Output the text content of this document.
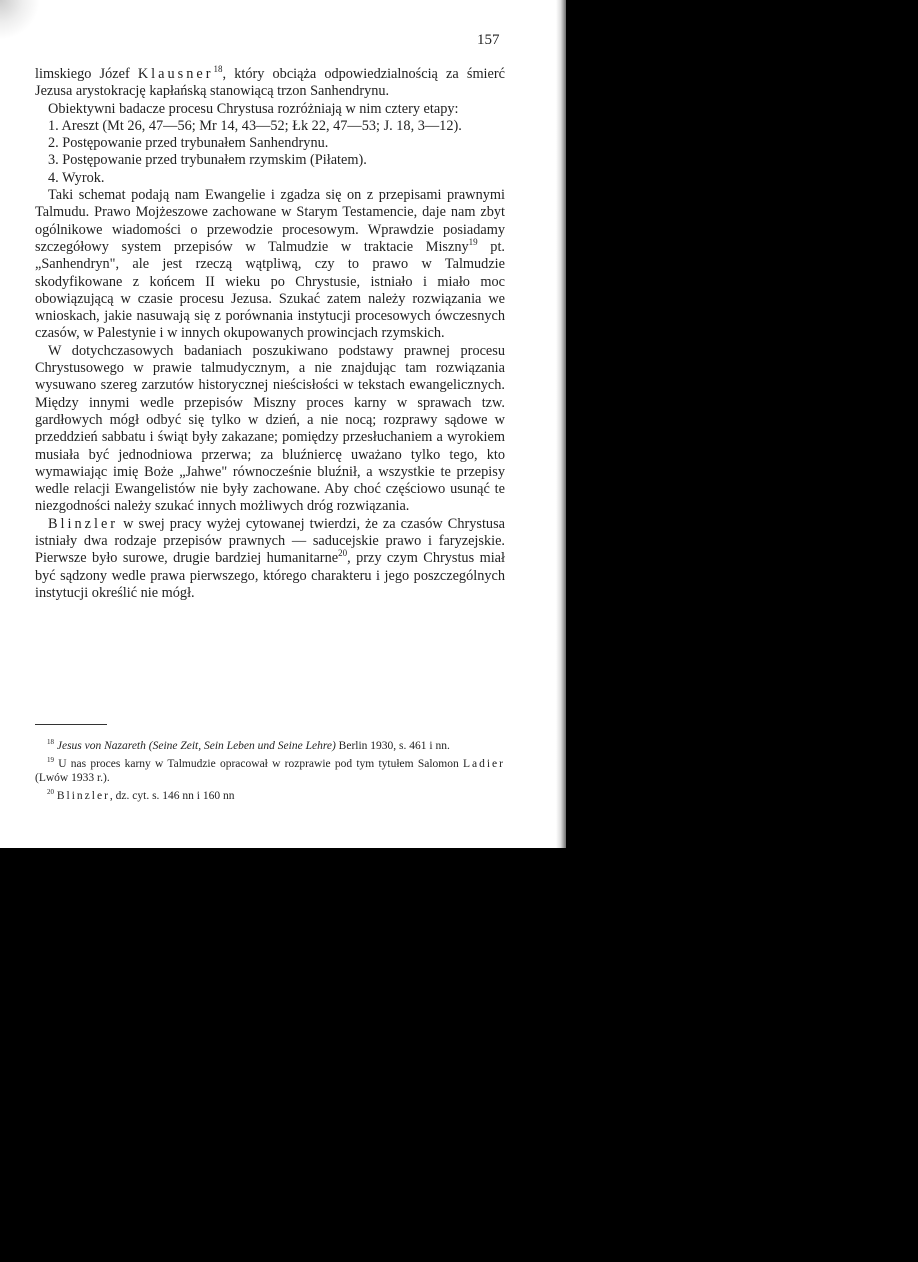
157

limskiego Józef Klausner$^{18}$, który obciąża odpowiedzialnością za śmierć Jezusa arystokrację kapłańską stanowiącą trzon Sanhendrynu.

Obiektywni badacze procesu Chrystusa rozróżniają w nim cztery etapy:

1. Areszt (Mt 26, 47—56; Mr 14, 43—52; Łk 22, 47—53; J. 18, 3—12).
2. Postępowanie przed trybunałem Sanhendrynu.
3. Postępowanie przed trybunałem rzymskim (Piłatem).
4. Wyrok.

Taki schemat podają nam Ewangelie i zgadza się on z przepisami prawnymi Talmudu. Prawo Mojżeszowe zachowane w Starym Testamencie, daje nam zbyt ogólnikowe wiadomości o przewodzie procesowym. Wprawdzie posiadamy szczegółowy system przepisów w Talmudzie w traktacie Miszny$^{19}$ pt. „Sanhendryn", ale jest rzeczą wątpliwą, czy to prawo w Talmudzie skodyfikowane z końcem II wieku po Chrystusie, istniało i miało moc obowiązującą w czasie procesu Jezusa. Szukać zatem należy rozwiązania we wnioskach, jakie nasuwają się z porównania instytucji procesowych ówczesnych czasów, w Palestynie i w innych okupowanych prowincjach rzymskich.

W dotychczasowych badaniach poszukiwano podstawy prawnej procesu Chrystusowego w prawie talmudycznym, a nie znajdując tam rozwiązania wysuwano szereg zarzutów historycznej nieścisłości w tekstach ewangelicznych. Między innymi wedle przepisów Miszny proces karny w sprawach tzw. gardłowych mógł odbyć się tylko w dzień, a nie nocą; rozprawy sądowe w przeddzień sabbatu i świąt były zakazane; pomiędzy przesłuchaniem a wyrokiem musiała być jednodniowa przerwa; za bluźniercę uważano tylko tego, kto wymawiając imię Boże „Jahwe" równocześnie bluźnił, a wszystkie te przepisy wedle relacji Ewangelistów nie były zachowane. Aby choć częściowo usunąć te niezgodności należy szukać innych możliwych dróg rozwiązania.

Blinzler w swej pracy wyżej cytowanej twierdzi, że za czasów Chrystusa istniały dwa rodzaje przepisów prawnych — saducejskie prawo i faryzejskie. Pierwsze było surowe, drugie bardziej humanitarne$^{20}$, przy czym Chrystus miał być sądzony wedle prawa pierwszego, którego charakteru i jego poszczególnych instytucji określić nie mógł.

$^{18}$ Jesus von Nazareth (Seine Zeit, Sein Leben und Seine Lehre) Berlin 1930, s. 461 i nn.

$^{19}$ U nas proces karny w Talmudzie opracował w rozprawie pod tym tytułem Salomon Ladier (Lwów 1933 r.).

$^{20}$ Blinzler, dz. cyt. s. 146 nn i 160 nn
